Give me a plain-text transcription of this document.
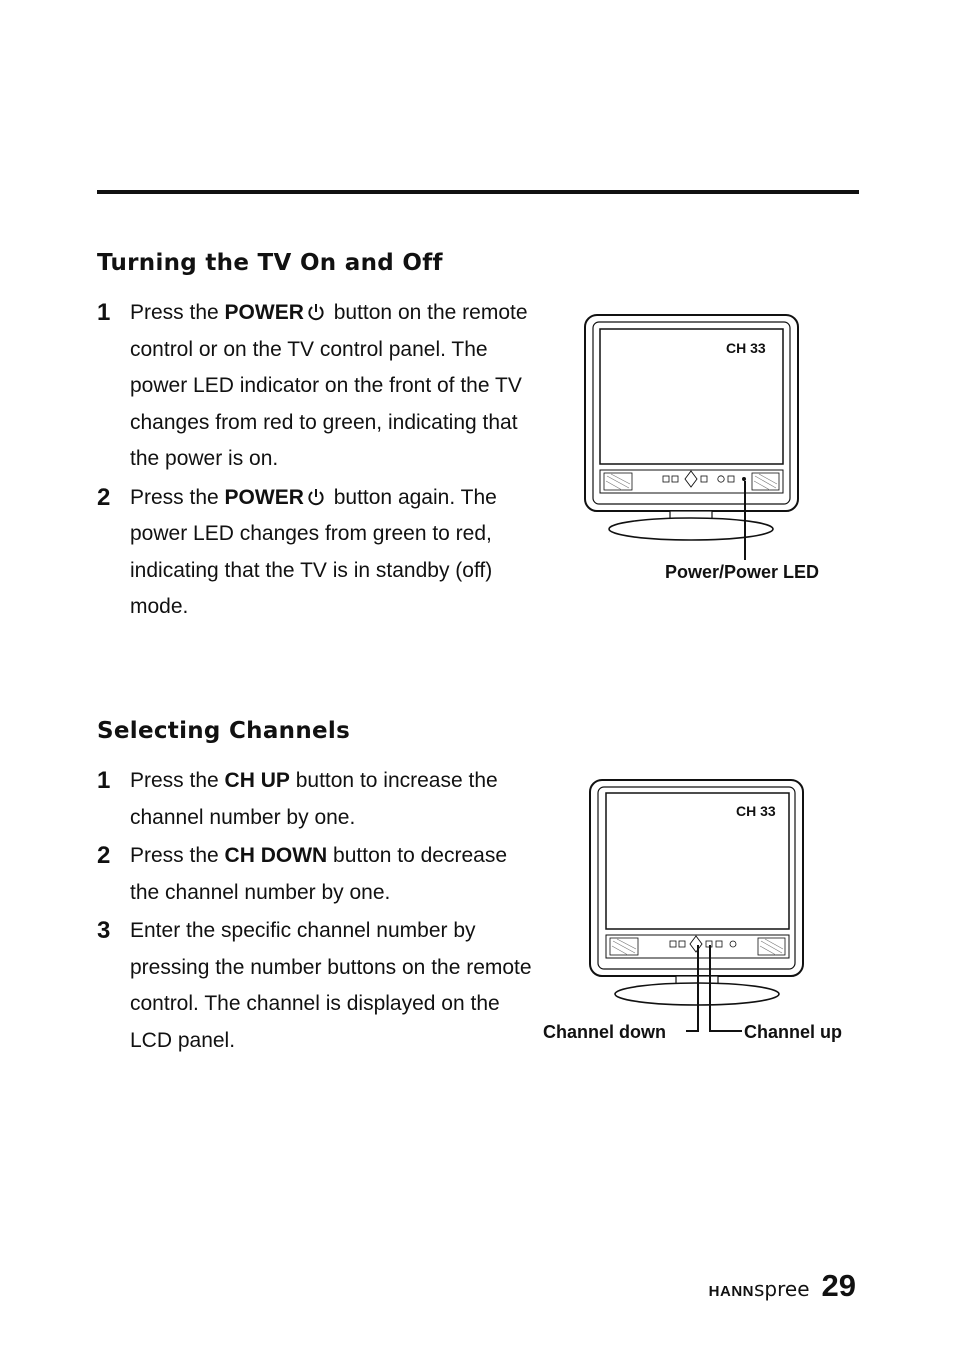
Turning the TV On and Off
1 Press the POWER button on the remote control or on the TV control panel. The power LED indicator on the front of the TV changes from red to green, indicating that the power is on.
2 Press the POWER button again. The power LED changes from green to red, indicating that the TV is in standby (off) mode.
CH 33
Power/Power LED
Selecting Channels
1 Press the CH UP button to increase the channel number by one.
2 Press the CH DOWN button to decrease the channel number by one.
3 Enter the specific channel number by pressing the number buttons on the remote control. The channel is displayed on the LCD panel.
CH 33
Channel down	Channel up
HANNspree 29
